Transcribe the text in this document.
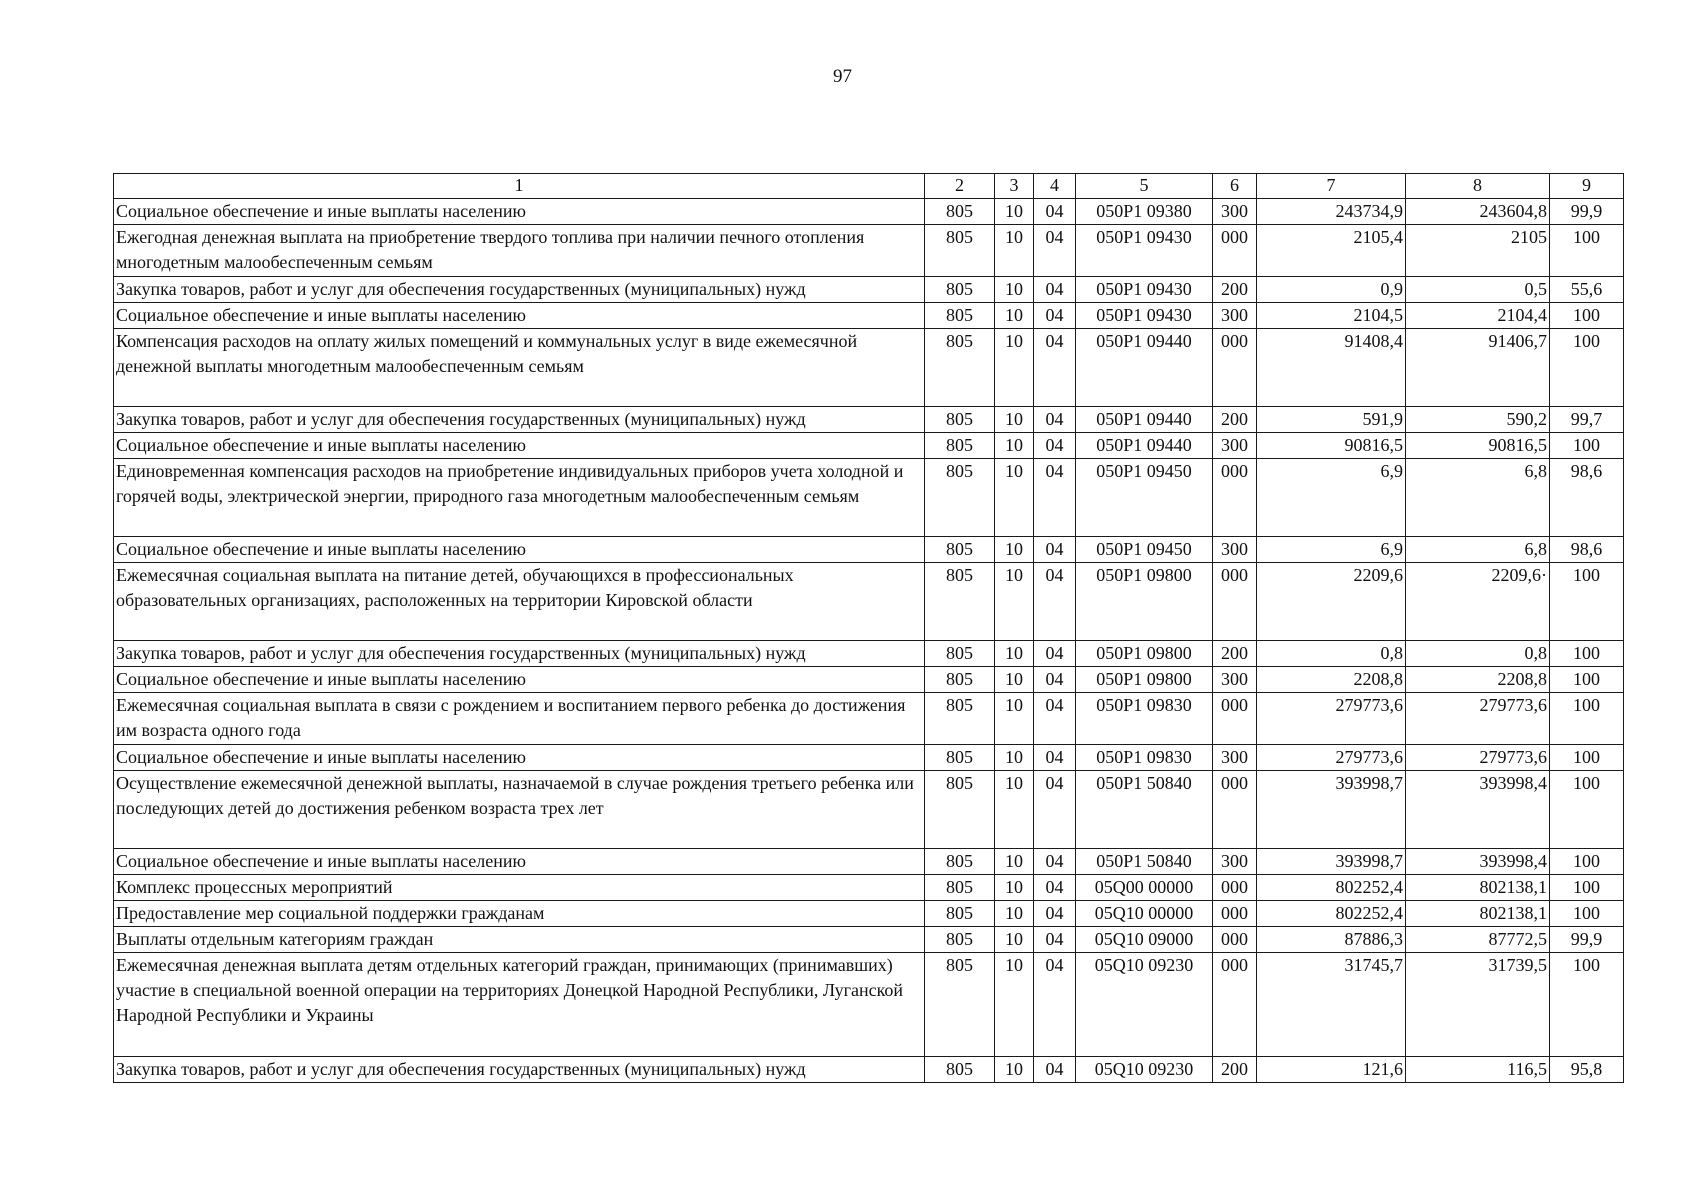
97
1	2	3	4	5	6	7	8	9
Социальное обеспечение и иные выплаты населению	805	10	04	050P1 09380	300	243734,9	243604,8	99,9
Ежегодная денежная выплата на приобретение твердого топлива при наличии печного отопления многодетным малообеспеченным семьям	805	10	04	050P1 09430	000	2105,4	2105	100
Закупка товаров, работ и услуг для обеспечения государственных (муниципальных) нужд	805	10	04	050P1 09430	200	0,9	0,5	55,6
Социальное обеспечение и иные выплаты населению	805	10	04	050P1 09430	300	2104,5	2104,4	100
Компенсация расходов на оплату жилых помещений и коммунальных услуг в виде ежемесячной денежной выплаты многодетным малообеспеченным семьям	805	10	04	050P1 09440	000	91408,4	91406,7	100
Закупка товаров, работ и услуг для обеспечения государственных (муниципальных) нужд	805	10	04	050P1 09440	200	591,9	590,2	99,7
Социальное обеспечение и иные выплаты населению	805	10	04	050P1 09440	300	90816,5	90816,5	100
Единовременная компенсация расходов на приобретение индивидуальных приборов учета холодной и горячей воды, электрической энергии, природного газа многодетным малообеспеченным семьям	805	10	04	050P1 09450	000	6,9	6,8	98,6
Социальное обеспечение и иные выплаты населению	805	10	04	050P1 09450	300	6,9	6,8	98,6
Ежемесячная социальная выплата на питание детей, обучающихся в профессиональных образовательных организациях, расположенных на территории Кировской области	805	10	04	050P1 09800	000	2209,6	2209,6·	100
Закупка товаров, работ и услуг для обеспечения государственных (муниципальных) нужд	805	10	04	050P1 09800	200	0,8	0,8	100
Социальное обеспечение и иные выплаты населению	805	10	04	050P1 09800	300	2208,8	2208,8	100
Ежемесячная социальная выплата в связи с рождением и воспитанием первого ребенка до достижения им возраста одного года	805	10	04	050P1 09830	000	279773,6	279773,6	100
Социальное обеспечение и иные выплаты населению	805	10	04	050P1 09830	300	279773,6	279773,6	100
Осуществление ежемесячной денежной выплаты, назначаемой в случае рождения третьего ребенка или последующих детей до достижения ребенком возраста трех лет	805	10	04	050P1 50840	000	393998,7	393998,4	100
Социальное обеспечение и иные выплаты населению	805	10	04	050P1 50840	300	393998,7	393998,4	100
Комплекс процессных мероприятий	805	10	04	05Q00 00000	000	802252,4	802138,1	100
Предоставление мер социальной поддержки гражданам	805	10	04	05Q10 00000	000	802252,4	802138,1	100
Выплаты отдельным категориям граждан	805	10	04	05Q10 09000	000	87886,3	87772,5	99,9
Ежемесячная денежная выплата детям отдельных категорий граждан, принимающих (принимавших) участие в специальной военной операции на территориях Донецкой Народной Республики, Луганской Народной Республики и Украины	805	10	04	05Q10 09230	000	31745,7	31739,5	100
Закупка товаров, работ и услуг для обеспечения государственных (муниципальных) нужд	805	10	04	05Q10 09230	200	121,6	116,5	95,8
